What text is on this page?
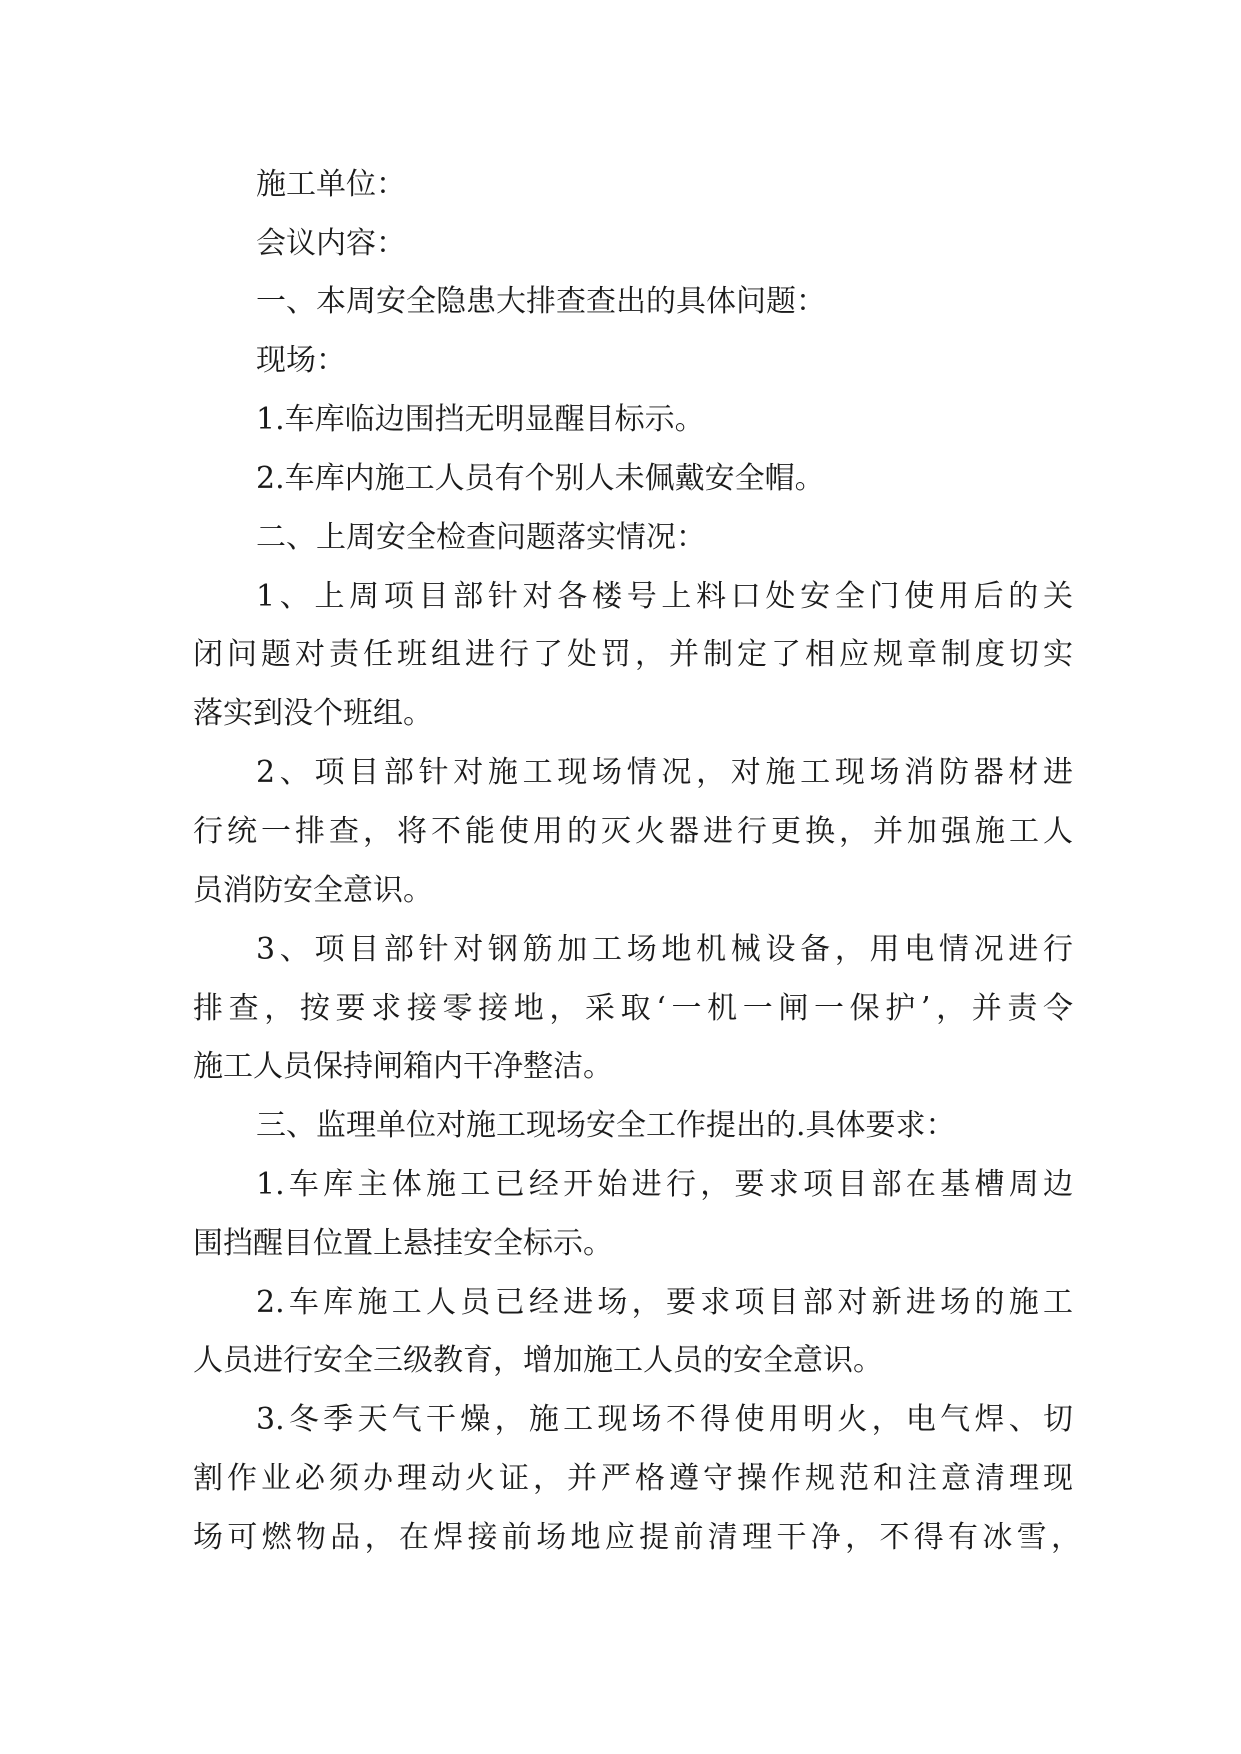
施工单位：
会议内容：
一、本周安全隐患大排查查出的具体问题：
现场：
1.车库临边围挡无明显醒目标示。
2.车库内施工人员有个别人未佩戴安全帽。
二、上周安全检查问题落实情况：
1、上周项目部针对各楼号上料口处安全门使用后的关
闭问题对责任班组进行了处罚，并制定了相应规章制度切实
落实到没个班组。
2、项目部针对施工现场情况，对施工现场消防器材进
行统一排查，将不能使用的灭火器进行更换，并加强施工人
员消防安全意识。
3、项目部针对钢筋加工场地机械设备，用电情况进行
排查，按要求接零接地，采取‘一机一闸一保护’，并责令
施工人员保持闸箱内干净整洁。
三、监理单位对施工现场安全工作提出的.具体要求：
1.车库主体施工已经开始进行，要求项目部在基槽周边
围挡醒目位置上悬挂安全标示。
2.车库施工人员已经进场，要求项目部对新进场的施工
人员进行安全三级教育，增加施工人员的安全意识。
3.冬季天气干燥，施工现场不得使用明火，电气焊、切
割作业必须办理动火证，并严格遵守操作规范和注意清理现
场可燃物品，在焊接前场地应提前清理干净，不得有冰雪，
